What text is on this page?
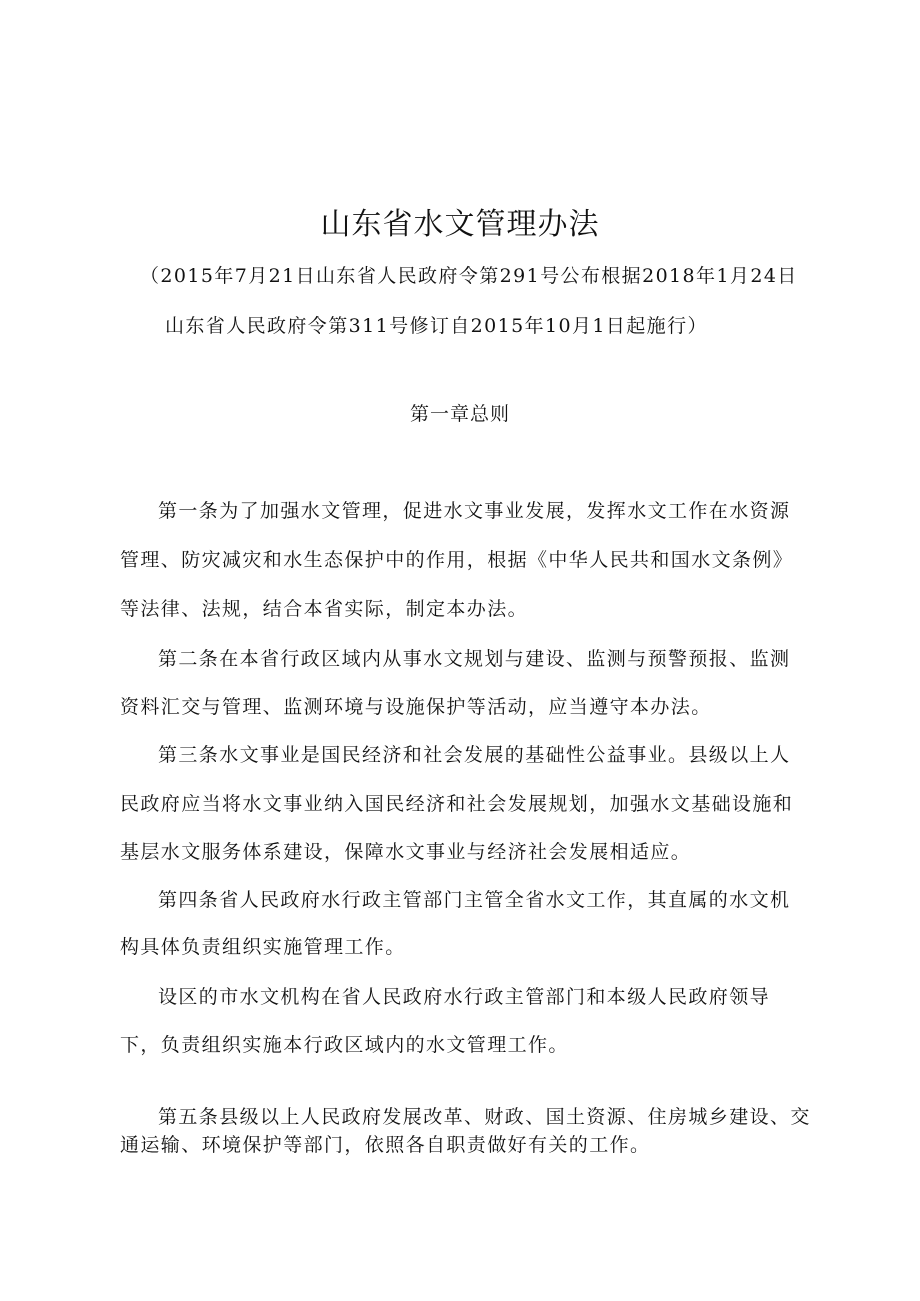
山东省水文管理办法
（2015年7月21日山东省人民政府令第291号公布根据2018年1月24日
山东省人民政府令第311号修订自2015年10月1日起施行）
第一章总则
第一条为了加强水文管理，促进水文事业发展，发挥水文工作在水资源
管理、防灾减灾和水生态保护中的作用，根据《中华人民共和国水文条例》
等法律、法规，结合本省实际，制定本办法。
第二条在本省行政区域内从事水文规划与建设、监测与预警预报、监测
资料汇交与管理、监测环境与设施保护等活动，应当遵守本办法。
第三条水文事业是国民经济和社会发展的基础性公益事业。县级以上人
民政府应当将水文事业纳入国民经济和社会发展规划，加强水文基础设施和
基层水文服务体系建设，保障水文事业与经济社会发展相适应。
第四条省人民政府水行政主管部门主管全省水文工作，其直属的水文机
构具体负责组织实施管理工作。
设区的市水文机构在省人民政府水行政主管部门和本级人民政府领导
下，负责组织实施本行政区域内的水文管理工作。
第五条县级以上人民政府发展改革、财政、国土资源、住房城乡建设、交
通运输、环境保护等部门，依照各自职责做好有关的工作。
